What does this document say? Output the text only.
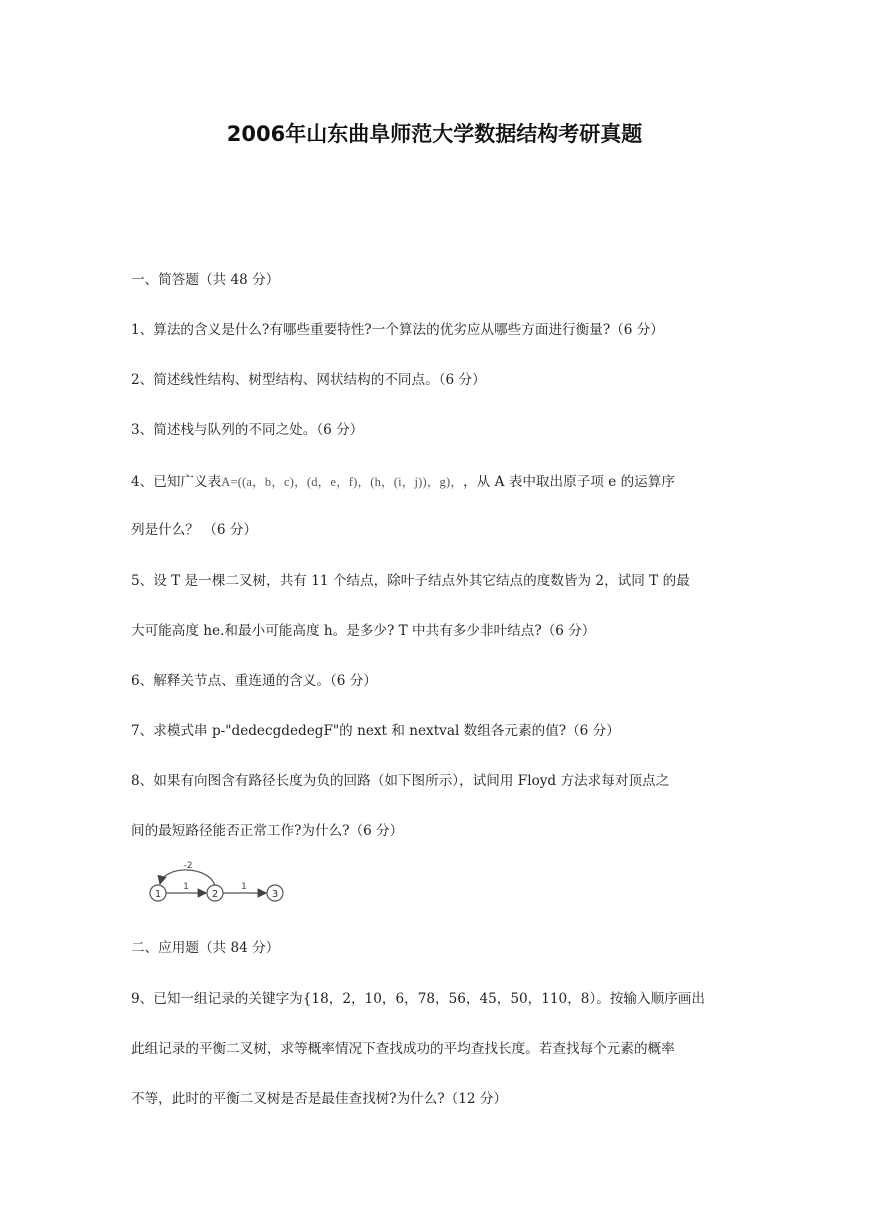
2006年山东曲阜师范大学数据结构考研真题
一、简答题（共 48 分）
1、算法的含义是什么?有哪些重要特性?一个算法的优劣应从哪些方面进行衡量?（6 分）
2、简述线性结构、树型结构、网状结构的不同点。（6 分）
3、简述栈与队列的不同之处。（6 分）
4、已知广义表A=((a，b，c)，(d，e，f)，(h，(i，j))，g)，，从 A 表中取出原子项 e 的运算序
列是什么？ （6 分）
5、设 T 是一棵二叉树，共有 11 个结点，除叶子结点外其它结点的度数皆为 2，试同 T 的最
大可能高度 he.和最小可能高度 h。是多少? T 中共有多少非叶结点?（6 分）
6、解释关节点、重连通的含义。（6 分）
7、求模式串 p-"dedecgdedegF"的 next 和 nextval 数组各元素的值?（6 分）
8、如果有向图含有路径长度为负的回路（如下图所示），试间用 Floyd 方法求每对顶点之
间的最短路径能否正常工作?为什么?（6 分）
1	2	3
-2
1	1
二、应用题（共 84 分）
9、已知一组记录的关键字为{18，2，10，6，78，56，45，50，110，8）。按输入顺序画出
此组记录的平衡二叉树，求等概率情况下查找成功的平均查找长度。若查找每个元素的概率
不等，此时的平衡二叉树是否是最佳查找树?为什么?（12 分）
